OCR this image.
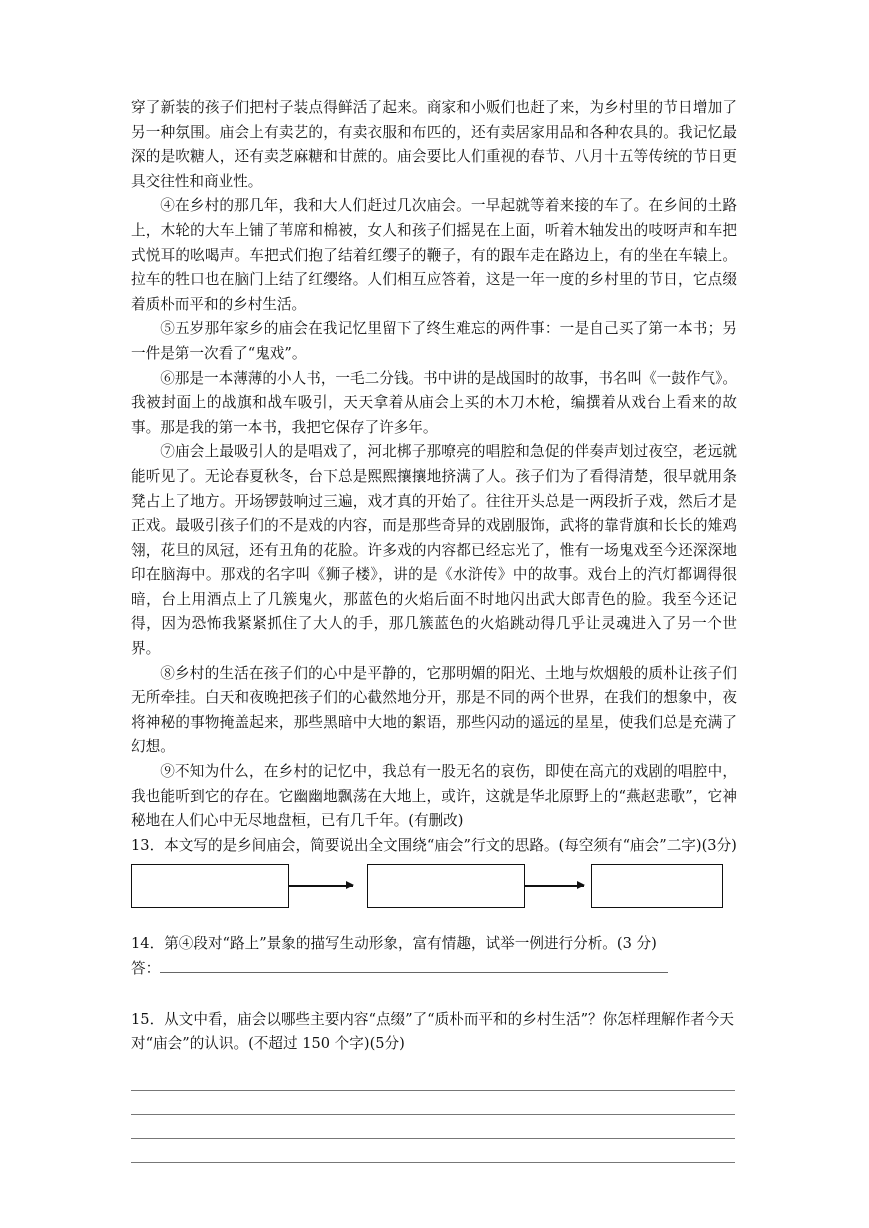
穿了新装的孩子们把村子装点得鲜活了起来。商家和小贩们也赶了来，为乡村里的节日增加了另一种氛围。庙会上有卖艺的，有卖衣服和布匹的，还有卖居家用品和各种农具的。我记忆最深的是吹糖人，还有卖芝麻糖和甘蔗的。庙会要比人们重视的春节、八月十五等传统的节日更具交往性和商业性。

④在乡村的那几年，我和大人们赶过几次庙会。一早起就等着来接的车了。在乡间的土路上，木轮的大车上铺了苇席和棉被，女人和孩子们摇晃在上面，听着木轴发出的吱呀声和车把式悦耳的吆喝声。车把式们抱了结着红缨子的鞭子，有的跟车走在路边上，有的坐在车辕上。拉车的牲口也在脑门上结了红缨络。人们相互应答着，这是一年一度的乡村里的节日，它点缀着质朴而平和的乡村生活。

⑤五岁那年家乡的庙会在我记忆里留下了终生难忘的两件事：一是自己买了第一本书；另一件是第一次看了“鬼戏”。

⑥那是一本薄薄的小人书，一毛二分钱。书中讲的是战国时的故事，书名叫《一鼓作气》。我被封面上的战旗和战车吸引，天天拿着从庙会上买的木刀木枪，编撰着从戏台上看来的故事。那是我的第一本书，我把它保存了许多年。

⑦庙会上最吸引人的是唱戏了，河北梆子那嘹亮的唱腔和急促的伴奏声划过夜空，老远就能听见了。无论春夏秋冬，台下总是熙熙攘攘地挤满了人。孩子们为了看得清楚，很早就用条凳占上了地方。开场锣鼓响过三遍，戏才真的开始了。往往开头总是一两段折子戏，然后才是正戏。最吸引孩子们的不是戏的内容，而是那些奇异的戏剧服饰，武将的靠背旗和长长的雉鸡翎，花旦的凤冠，还有丑角的花脸。许多戏的内容都已经忘光了，惟有一场鬼戏至今还深深地印在脑海中。那戏的名字叫《狮子楼》，讲的是《水浒传》中的故事。戏台上的汽灯都调得很暗，台上用酒点上了几簇鬼火，那蓝色的火焰后面不时地闪出武大郎青色的脸。我至今还记得，因为恐怖我紧紧抓住了大人的手，那几簇蓝色的火焰跳动得几乎让灵魂进入了另一个世界。

⑧乡村的生活在孩子们的心中是平静的，它那明媚的阳光、土地与炊烟般的质朴让孩子们无所牵挂。白天和夜晚把孩子们的心截然地分开，那是不同的两个世界，在我们的想象中，夜将神秘的事物掩盖起来，那些黑暗中大地的絮语，那些闪动的遥远的星星，使我们总是充满了幻想。

⑨不知为什么，在乡村的记忆中，我总有一股无名的哀伤，即使在高亢的戏剧的唱腔中，我也能听到它的存在。它幽幽地飘荡在大地上，或许，这就是华北原野上的“燕赵悲歌”，它神秘地在人们心中无尽地盘桓，已有几千年。(有删改)

13．本文写的是乡间庙会，简要说出全文围绕“庙会”行文的思路。(每空须有“庙会”二字)(3分)

14．第④段对“路上”景象的描写生动形象，富有情趣，试举一例进行分析。(3 分)

答：

15．从文中看，庙会以哪些主要内容“点缀”了“质朴而平和的乡村生活”？你怎样理解作者今天对“庙会”的认识。(不超过 150 个字)(5分)
